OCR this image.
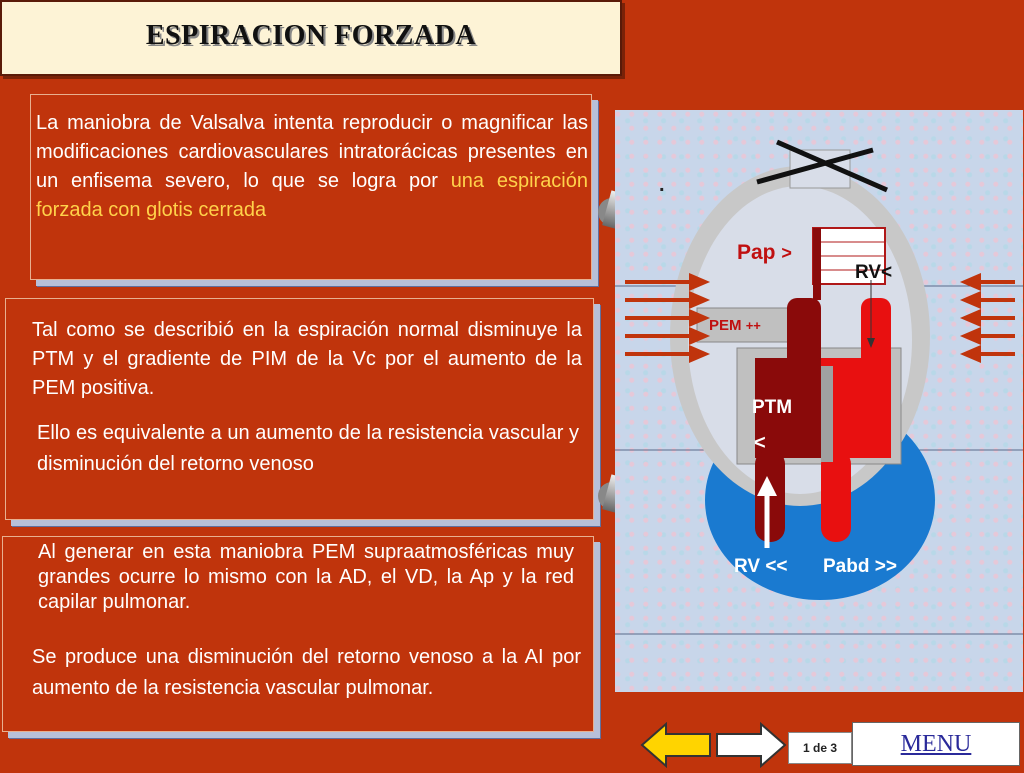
ESPIRACION FORZADA
La maniobra de Valsalva intenta reproducir o magnificar las modificaciones cardiovasculares intratorácicas presentes en un enfisema severo, lo que se logra por una espiración forzada con glotis cerrada
Tal como se describió en la espiración normal disminuye la PTM y el gradiente de PIM de la Vc por el aumento de la PEM positiva.
Ello es equivalente a un aumento de la resistencia vascular y disminución del retorno venoso
Al generar en esta maniobra PEM supraatmosféricas muy grandes ocurre lo mismo con la AD, el VD, la Ap y la red capilar pulmonar.
Se produce una disminución del retorno venoso a la AI por aumento de la resistencia vascular pulmonar.
.
Pap >
RV<
PEM ++
PTM
<
RV << Pabd >>
1 de 3	MENU
